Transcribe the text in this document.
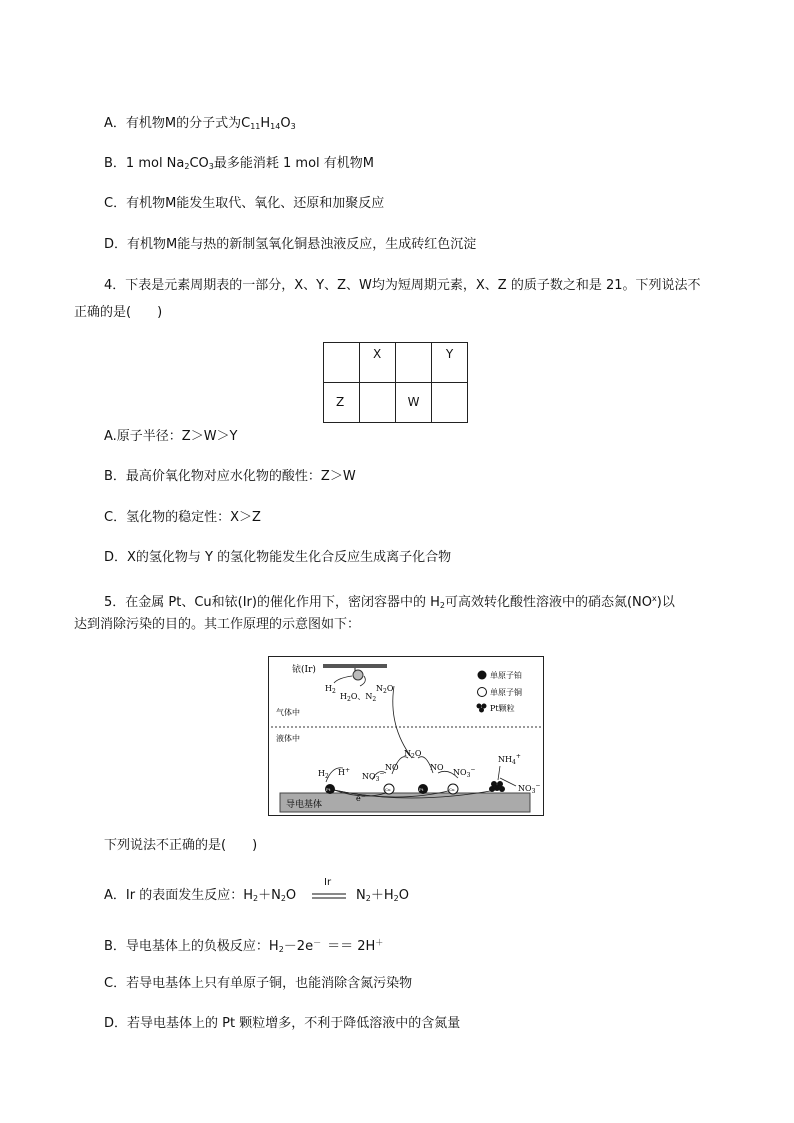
A．有机物M的分子式为$C_{11}H_{14}O_3$
B．1 mol $Na_2CO_3$最多能消耗 1 mol 有机物M
C．有机物M能发生取代、氧化、还原和加聚反应
D．有机物M能与热的新制氢氧化铜悬浊液反应，生成砖红色沉淀
4．下表是元素周期表的一部分，X、Y、Z、W均为短周期元素，X、Z 的质子数之和是 21。下列说法不
正确的是(　　)
	X		Y
Z		W	
A.原子半径：Z＞W＞Y
B．最高价氧化物对应水化物的酸性：Z＞W
C．氢化物的稳定性：X＞Z
D．X的氢化物与 Y 的氢化物能发生化合反应生成离子化合物
5．在金属 Pt、Cu和铱(Ir)的催化作用下，密闭容器中的 $H_2$可高效转化酸性溶液中的硝态氮$(NO^x)$以
达到消除污染的目的。其工作原理的示意图如下：
铱(Ir)
$H_2$
$H_2O$、$N_2$
$N_2O$
单原子铂
单原子铜
Pt颗粒
气体中
液体中
导电基体
$H_2$ H+
$NO_3^-$
NO
$N_2O$
NO
$NO_3^-$
$NH_4^+$
$NO_3^-$
e−
Pt	Cu	Pt	Cu
下列说法不正确的是(　　)
A．Ir 的表面发生反应：$H_2+N_2O$
Ir
$N_2+H_2O$
B．导电基体上的负极反应：$H_2-2e^- == 2H^+$
C．若导电基体上只有单原子铜，也能消除含氮污染物
D．若导电基体上的 Pt 颗粒增多，不利于降低溶液中的含氮量
